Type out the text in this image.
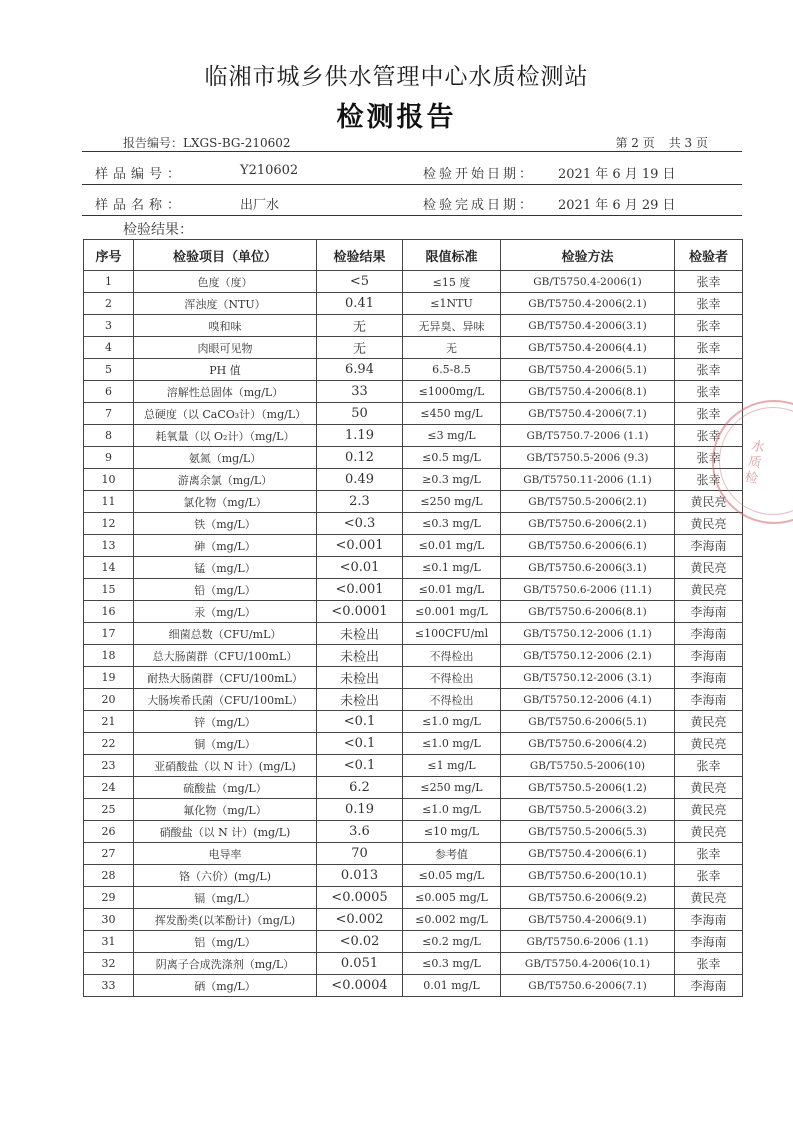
临湘市城乡供水管理中心水质检测站
检测报告
报告编号：LXGS-BG-210602	第 2 页 共 3 页
样品编号：	Y210602	检验开始日期： 2021 年 6 月 19 日
样品名称：	出厂水	检验完成日期： 2021 年 6 月 29 日
检验结果：
序号	检验项目（单位）	检验结果	限值标准	检验方法	检验者
1	色度（度）	<5	≤15 度	GB/T5750.4-2006(1)	张幸
2	浑浊度（NTU）	0.41	≤1NTU	GB/T5750.4-2006(2.1)	张幸
3	嗅和味	无	无异臭、异味	GB/T5750.4-2006(3.1)	张幸
4	肉眼可见物	无	无	GB/T5750.4-2006(4.1)	张幸
5	PH 值	6.94	6.5-8.5	GB/T5750.4-2006(5.1)	张幸
6	溶解性总固体（mg/L）	33	≤1000mg/L	GB/T5750.4-2006(8.1)	张幸
7	总硬度（以 CaCO₃计）（mg/L）	50	≤450 mg/L	GB/T5750.4-2006(7.1)	张幸
8	耗氧量（以 O₂计）（mg/L）	1.19	≤3 mg/L	GB/T5750.7-2006 (1.1)	张幸
9	氨氮（mg/L）	0.12	≤0.5 mg/L	GB/T5750.5-2006 (9.3)	张幸
10	游离余氯（mg/L）	0.49	≥0.3 mg/L	GB/T5750.11-2006 (1.1)	张幸
11	氯化物（mg/L）	2.3	≤250 mg/L	GB/T5750.5-2006(2.1)	黄民亮
12	铁（mg/L）	<0.3	≤0.3 mg/L	GB/T5750.6-2006(2.1)	黄民亮
13	砷（mg/L）	<0.001	≤0.01 mg/L	GB/T5750.6-2006(6.1)	李海南
14	锰（mg/L）	<0.01	≤0.1 mg/L	GB/T5750.6-2006(3.1)	黄民亮
15	铅（mg/L）	<0.001	≤0.01 mg/L	GB/T5750.6-2006 (11.1)	黄民亮
16	汞（mg/L）	<0.0001	≤0.001 mg/L	GB/T5750.6-2006(8.1)	李海南
17	细菌总数（CFU/mL）	未检出	≤100CFU/ml	GB/T5750.12-2006 (1.1)	李海南
18	总大肠菌群（CFU/100mL）	未检出	不得检出	GB/T5750.12-2006 (2.1)	李海南
19	耐热大肠菌群（CFU/100mL）	未检出	不得检出	GB/T5750.12-2006 (3.1)	李海南
20	大肠埃希氏菌（CFU/100mL）	未检出	不得检出	GB/T5750.12-2006 (4.1)	李海南
21	锌（mg/L）	<0.1	≤1.0 mg/L	GB/T5750.6-2006(5.1)	黄民亮
22	铜（mg/L）	<0.1	≤1.0 mg/L	GB/T5750.6-2006(4.2)	黄民亮
23	亚硝酸盐（以 N 计）(mg/L)	<0.1	≤1 mg/L	GB/T5750.5-2006(10)	张幸
24	硫酸盐（mg/L）	6.2	≤250 mg/L	GB/T5750.5-2006(1.2)	黄民亮
25	氟化物（mg/L）	0.19	≤1.0 mg/L	GB/T5750.5-2006(3.2)	黄民亮
26	硝酸盐（以 N 计）(mg/L)	3.6	≤10 mg/L	GB/T5750.5-2006(5.3)	黄民亮
27	电导率	70	参考值	GB/T5750.4-2006(6.1)	张幸
28	铬（六价）(mg/L)	0.013	≤0.05 mg/L	GB/T5750.6-200(10.1)	张幸
29	镉（mg/L）	<0.0005	≤0.005 mg/L	GB/T5750.6-2006(9.2)	黄民亮
30	挥发酚类(以苯酚计)（mg/L)	<0.002	≤0.002 mg/L	GB/T5750.4-2006(9.1)	李海南
31	铝（mg/L）	<0.02	≤0.2 mg/L	GB/T5750.6-2006 (1.1)	李海南
32	阴离子合成洗涤剂（mg/L）	0.051	≤0.3 mg/L	GB/T5750.4-2006(10.1)	张幸
33	硒（mg/L）	<0.0004	0.01 mg/L	GB/T5750.6-2006(7.1)	李海南
水质检
